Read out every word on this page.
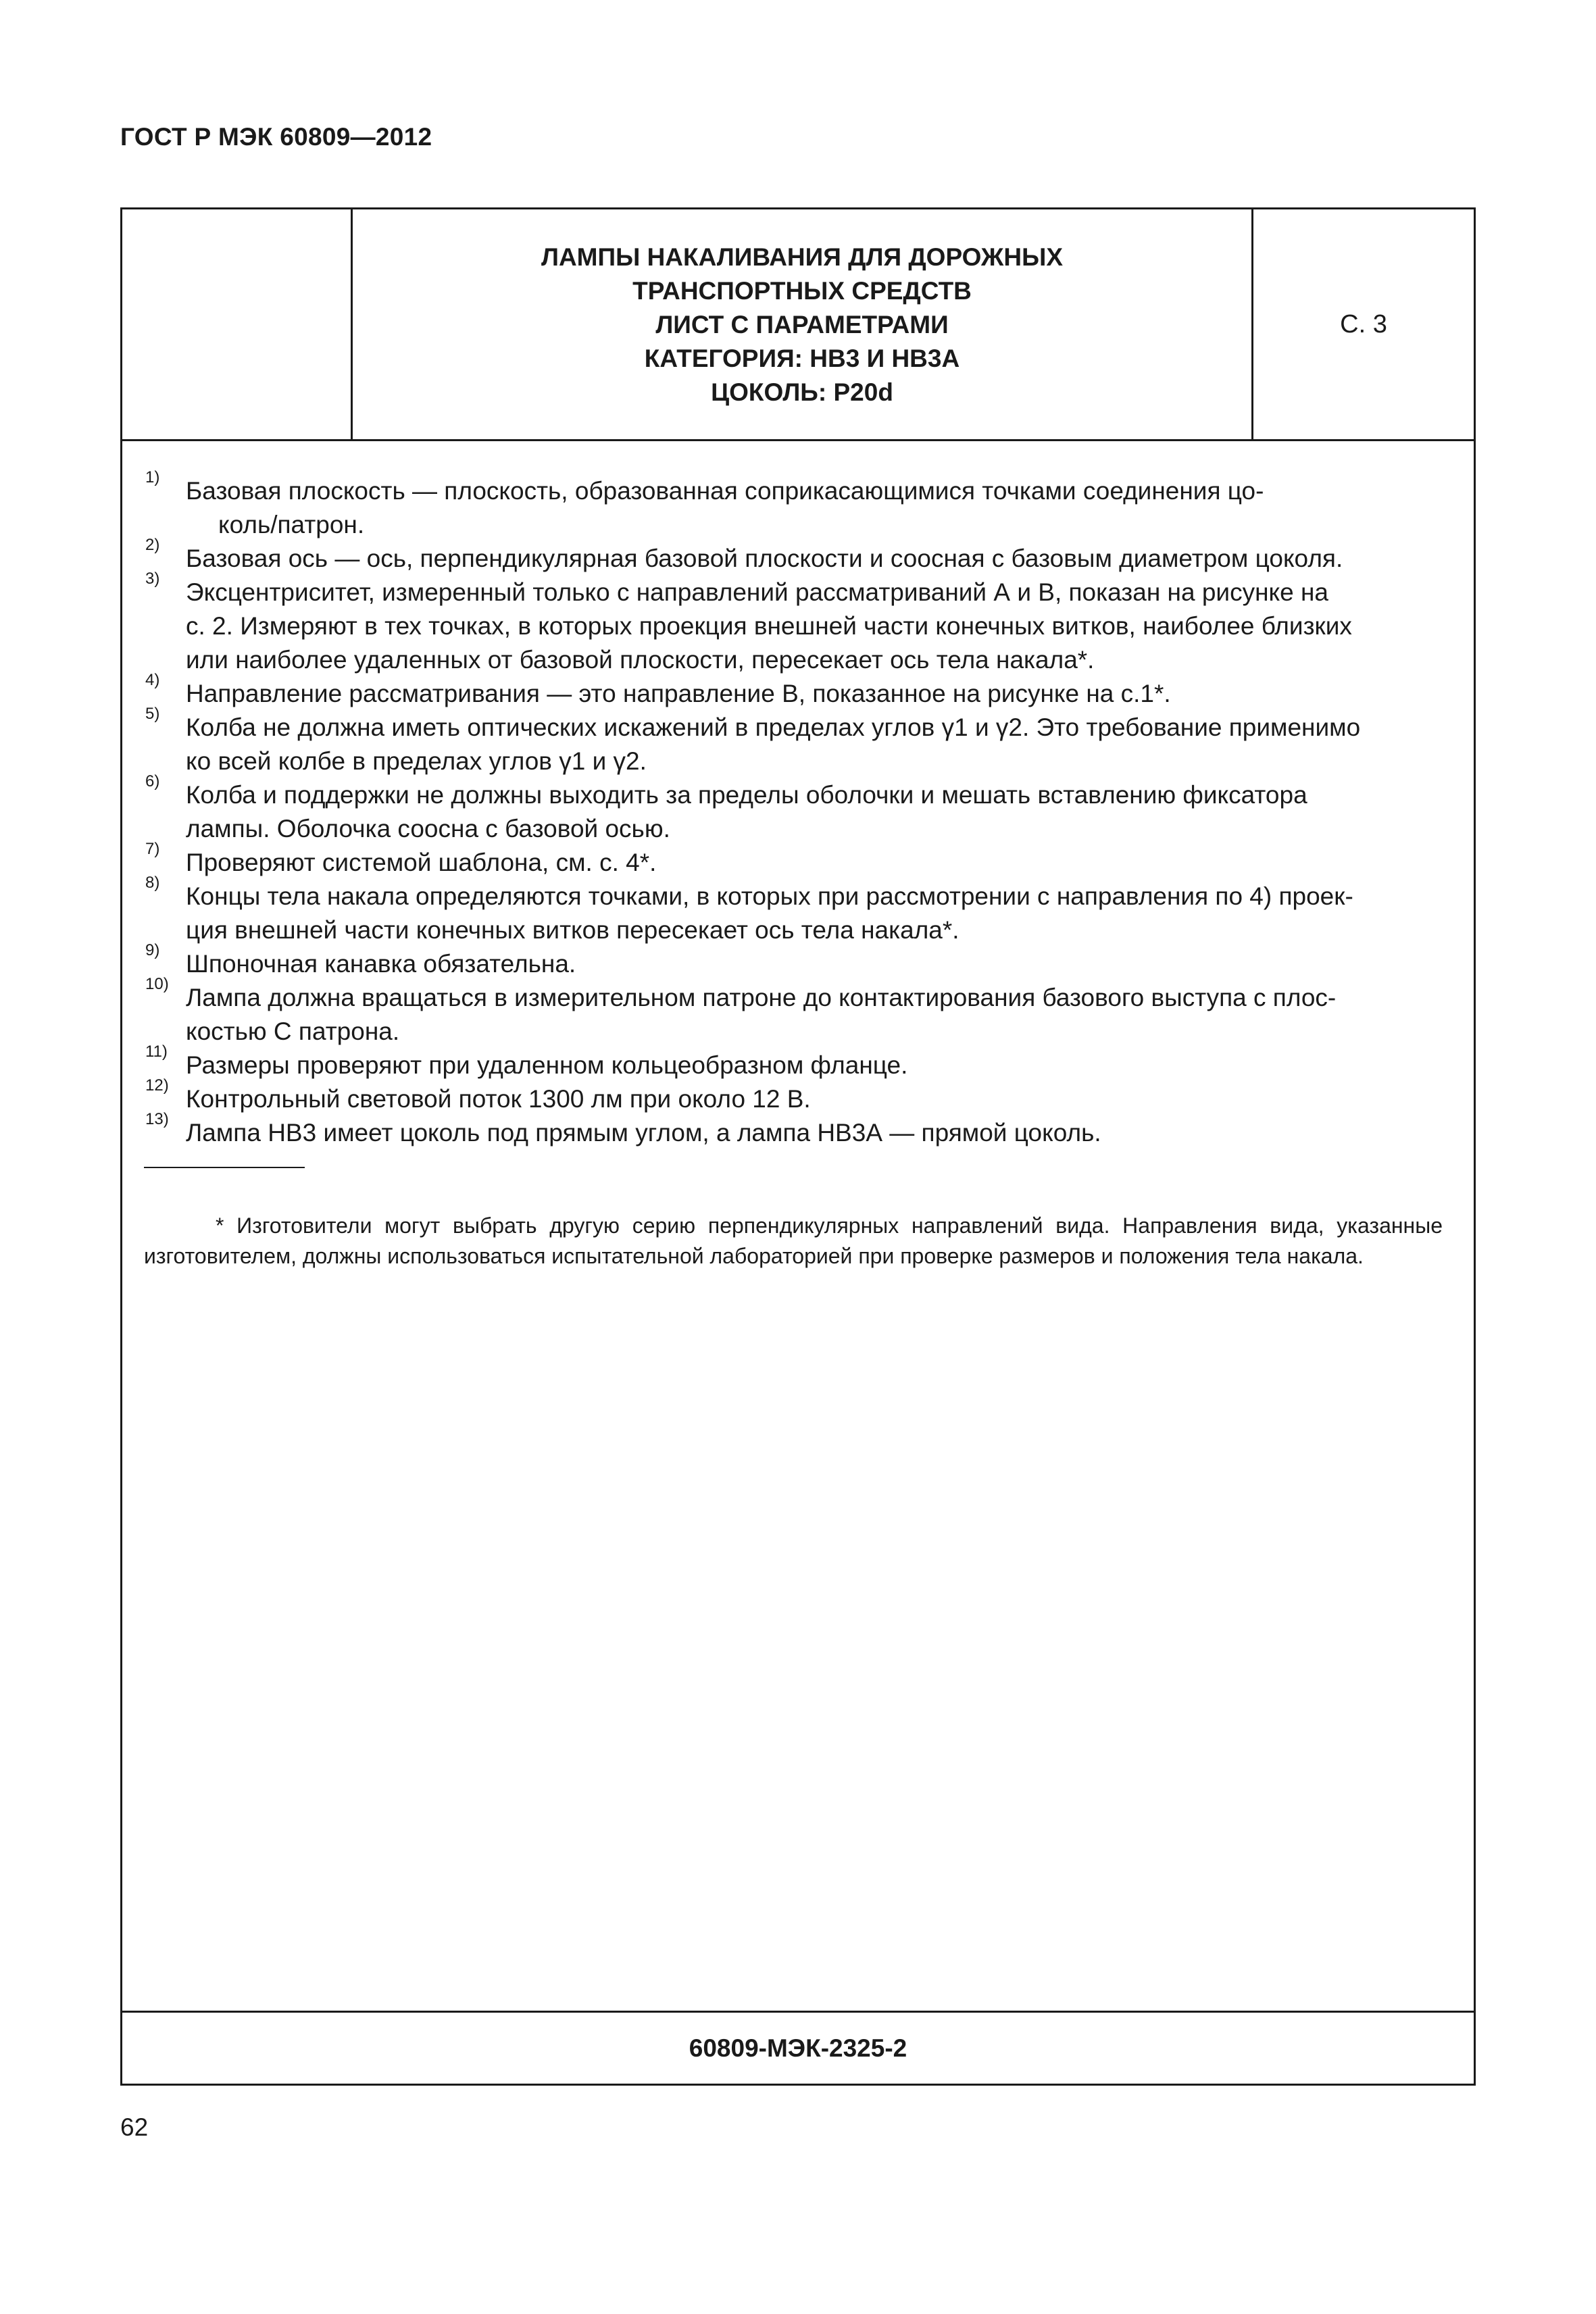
ГОСТ Р МЭК 60809—2012
ЛАМПЫ НАКАЛИВАНИЯ ДЛЯ ДОРОЖНЫХ
ТРАНСПОРТНЫХ СРЕДСТВ
ЛИСТ С ПАРАМЕТРАМИ
КАТЕГОРИЯ: НВ3 И НВ3А
ЦОКОЛЬ: Р20d
С. 3
1) Базовая плоскость — плоскость, образованная соприкасающимися точками соединения цо-
коль/патрон.
2) Базовая ось — ось, перпендикулярная базовой плоскости и соосная с базовым диаметром цоколя.
3) Эксцентриситет, измеренный только с направлений рассматриваний А и В, показан на рисунке на
с. 2. Измеряют в тех точках, в которых проекция внешней части конечных витков, наиболее близких
или наиболее удаленных от базовой плоскости, пересекает ось тела накала*.
4) Направление рассматривания — это направление В, показанное на рисунке на с.1*.
5) Колба не должна иметь оптических искажений в пределах углов γ1 и γ2. Это требование применимо
ко всей колбе в пределах углов γ1 и γ2.
6) Колба и поддержки не должны выходить за пределы оболочки и мешать вставлению фиксатора
лампы. Оболочка соосна с базовой осью.
7) Проверяют системой шаблона, см. с. 4*.
8) Концы тела накала определяются точками, в которых при рассмотрении с направления по 4) проек-
ция внешней части конечных витков пересекает ось тела накала*.
9) Шпоночная канавка обязательна.
10) Лампа должна вращаться в измерительном патроне до контактирования базового выступа с плос-
костью С патрона.
11) Размеры проверяют при удаленном кольцеобразном фланце.
12) Контрольный световой поток 1300 лм при около 12 В.
13) Лампа НВ3 имеет цоколь под прямым углом, а лампа НВ3А — прямой цоколь.
* Изготовители могут выбрать другую серию перпендикулярных направлений вида. Направления вида, указанные изготовителем, должны использоваться испытательной лабораторией при проверке размеров и положения тела накала.
60809-МЭК-2325-2
62
